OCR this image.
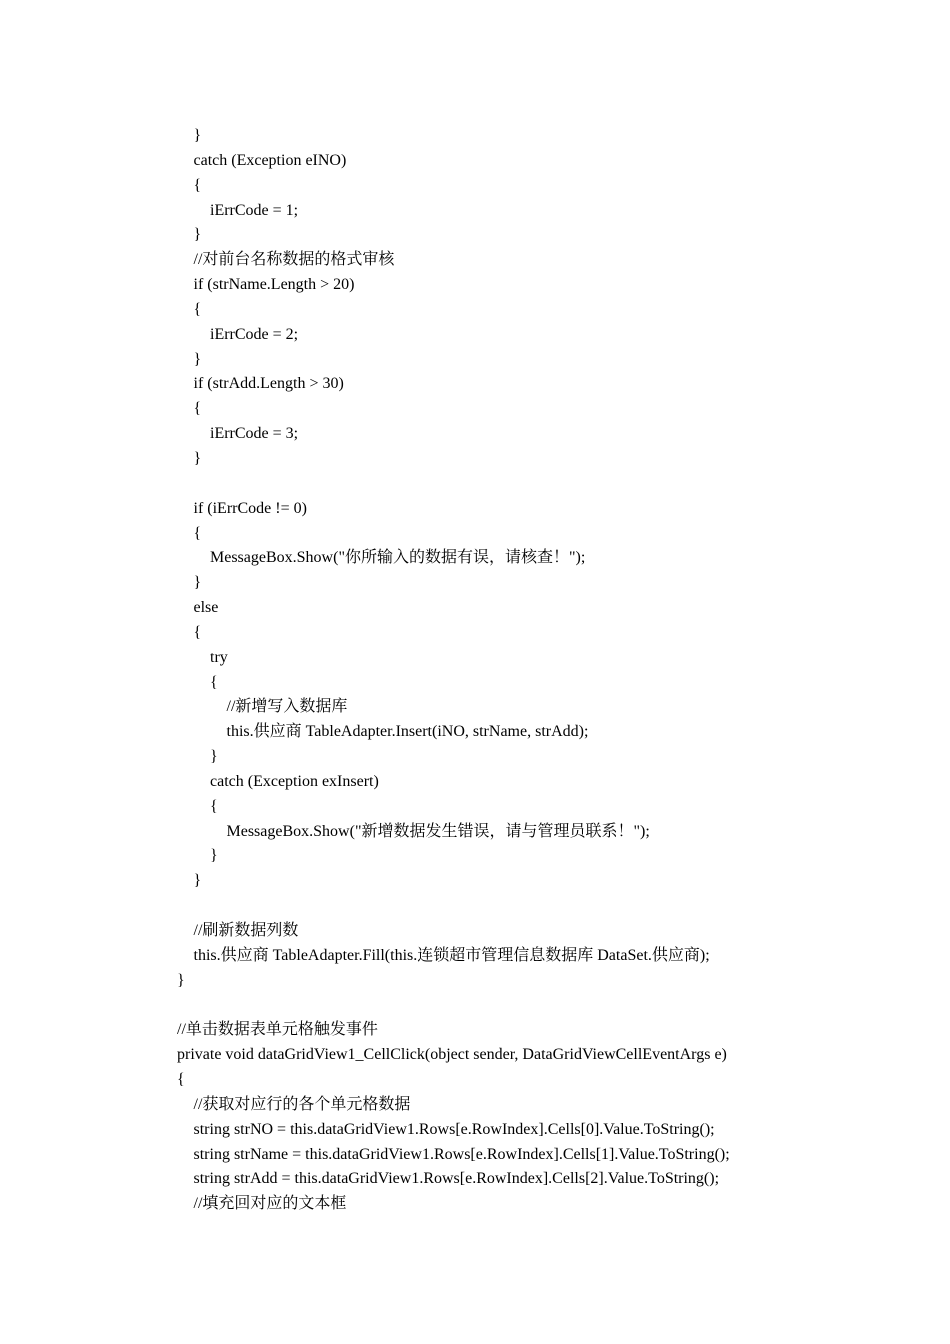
}
catch (Exception eINO)
{
iErrCode = 1;
}
//对前台名称数据的格式审核
if (strName.Length > 20)
{
iErrCode = 2;
}
if (strAdd.Length > 30)
{
iErrCode = 3;
}
if (iErrCode != 0)
{
MessageBox.Show("你所输入的数据有误，请核查！");
}
else
{
try
{
//新增写入数据库
this.供应商 TableAdapter.Insert(iNO, strName, strAdd);
}
catch (Exception exInsert)
{
MessageBox.Show("新增数据发生错误，请与管理员联系！");
}
}
//刷新数据列数
this.供应商 TableAdapter.Fill(this.连锁超市管理信息数据库 DataSet.供应商);
}
//单击数据表单元格触发事件
private void dataGridView1_CellClick(object sender, DataGridViewCellEventArgs e)
{
//获取对应行的各个单元格数据
string strNO = this.dataGridView1.Rows[e.RowIndex].Cells[0].Value.ToString();
string strName = this.dataGridView1.Rows[e.RowIndex].Cells[1].Value.ToString();
string strAdd = this.dataGridView1.Rows[e.RowIndex].Cells[2].Value.ToString();
//填充回对应的文本框
